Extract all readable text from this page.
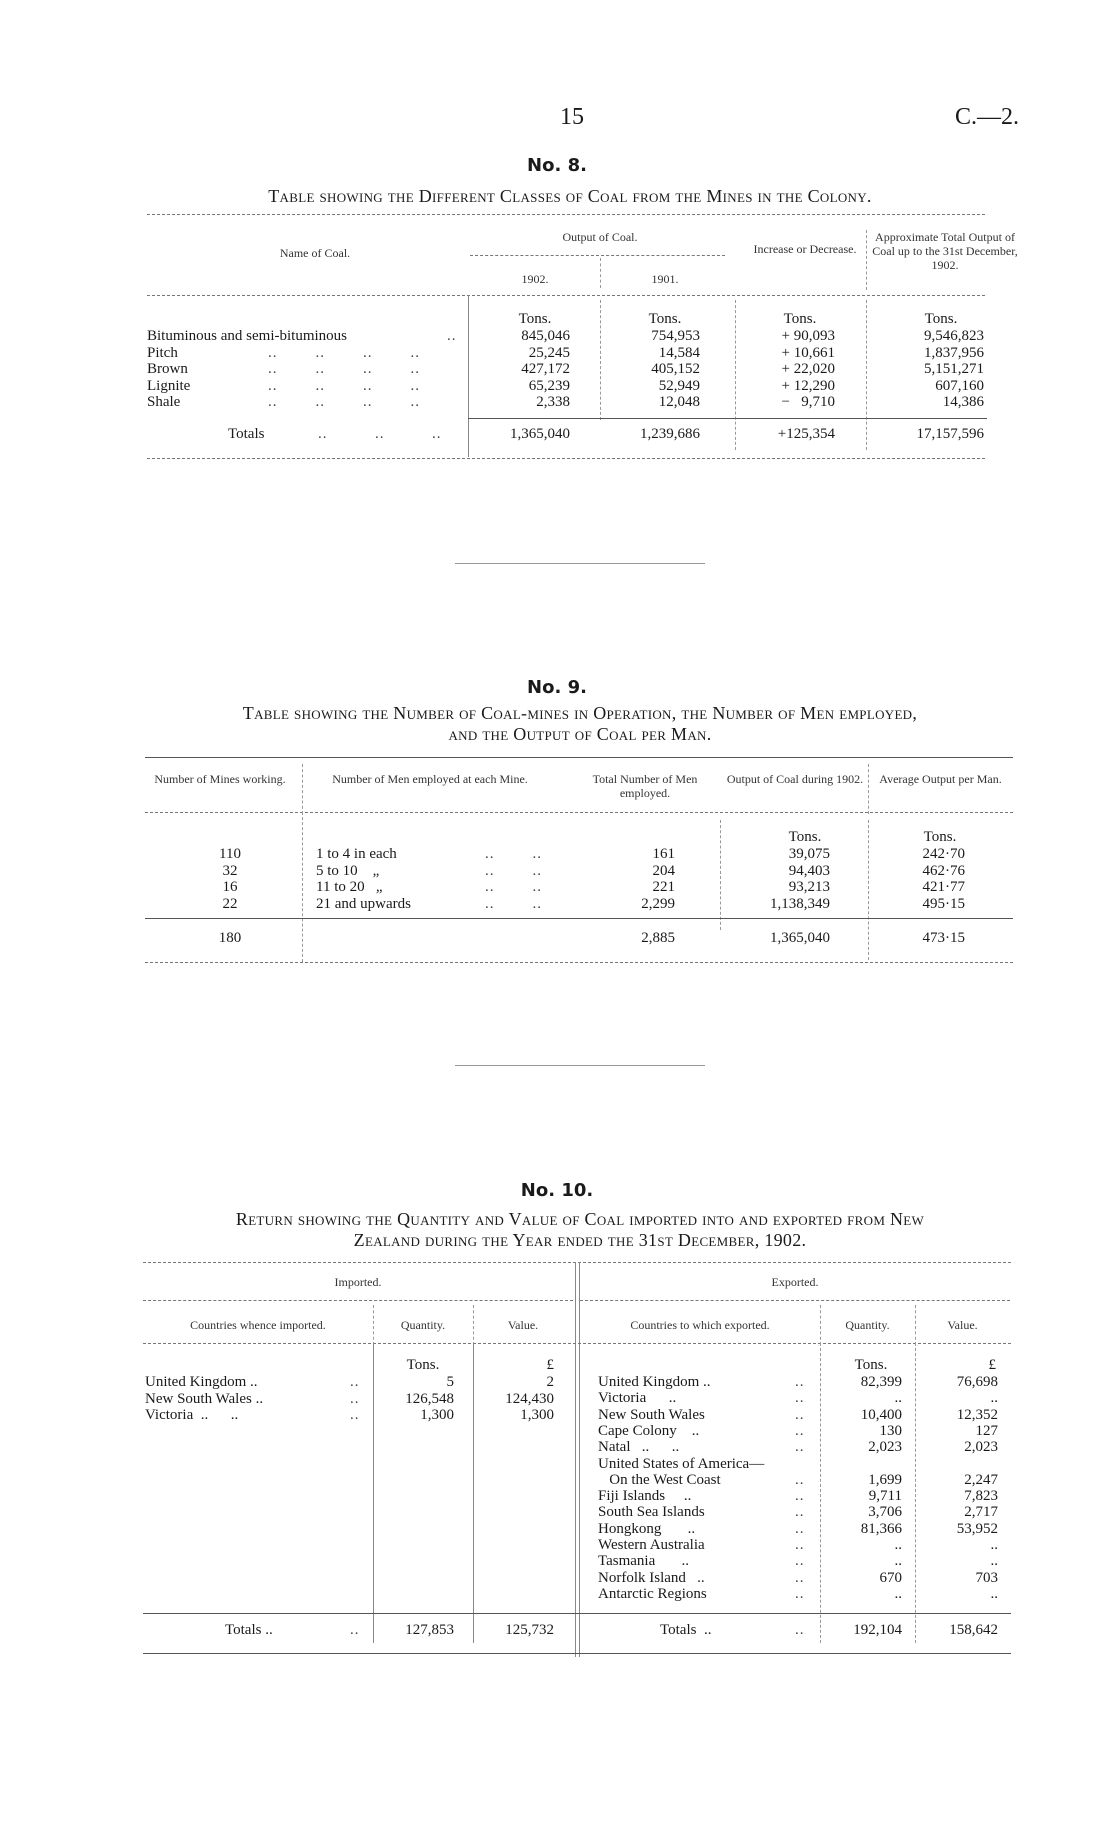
15	C.—2.
No. 8.
Table showing the Different Classes of Coal from the Mines in the Colony.
Name of Coal.
Output of Coal.
1902.	1901.
Increase or Decrease.
Approximate Total Output of Coal up to the 31st December, 1902.
Tons.	Tons.	Tons.	Tons.
Bituminous and semi-bituminous	..	845,046	754,953	+ 90,093	9,546,823
Pitch	..        ..        ..        ..	25,245	14,584	+ 10,661	1,837,956
Brown	..        ..        ..        ..	427,172	405,152	+ 22,020	5,151,271
Lignite	..        ..        ..        ..	65,239	52,949	+ 12,290	607,160
Shale	..        ..        ..        ..	2,338	12,048	−   9,710	14,386
Totals	..          ..          ..	1,365,040	1,239,686	+125,354	17,157,596
No. 9.
Table showing the Number of Coal-mines in Operation, the Number of Men employed,
and the Output of Coal per Man.
Number of Mines working.	Number of Men employed at each Mine.	Total Number of Men employed.
Output of Coal during 1902.	Average Output per Man.
Tons.	Tons.
110	1 to 4 in each	..        ..	161	39,075	242·70
32	5 to 10    „	..        ..	204	94,403	462·76
16	11 to 20   „	..        ..	221	93,213	421·77
22	21 and upwards	..        ..	2,299	1,138,349	495·15
180	2,885	1,365,040	473·15
No. 10.
Return showing the Quantity and Value of Coal imported into and exported from New
Zealand during the Year ended the 31st December, 1902.
Imported.
Countries whence imported.	Quantity.	Value.
Exported.
Countries to which exported.	Quantity.	Value.
Tons.	£	Tons.	£
United Kingdom ..	..	5	2
New South Wales ..	..	126,548	124,430
Victoria  ..      ..	..	1,300	1,300
United Kingdom ..	..	82,399	76,698
Victoria      ..	..	..	..
New South Wales	..	10,400	12,352
Cape Colony    ..	..	130	127
Natal   ..      ..	..	2,023	2,023
United States of America—
On the West Coast	..	1,699	2,247
Fiji Islands     ..	..	9,711	7,823
South Sea Islands	..	3,706	2,717
Hongkong       ..	..	81,366	53,952
Western Australia	..	..	..
Tasmania       ..	..	..	..
Norfolk Island   ..	..	670	703
Antarctic Regions	..	..	..
Totals ..	..	127,853	125,732	Totals  ..	..	192,104	158,642
